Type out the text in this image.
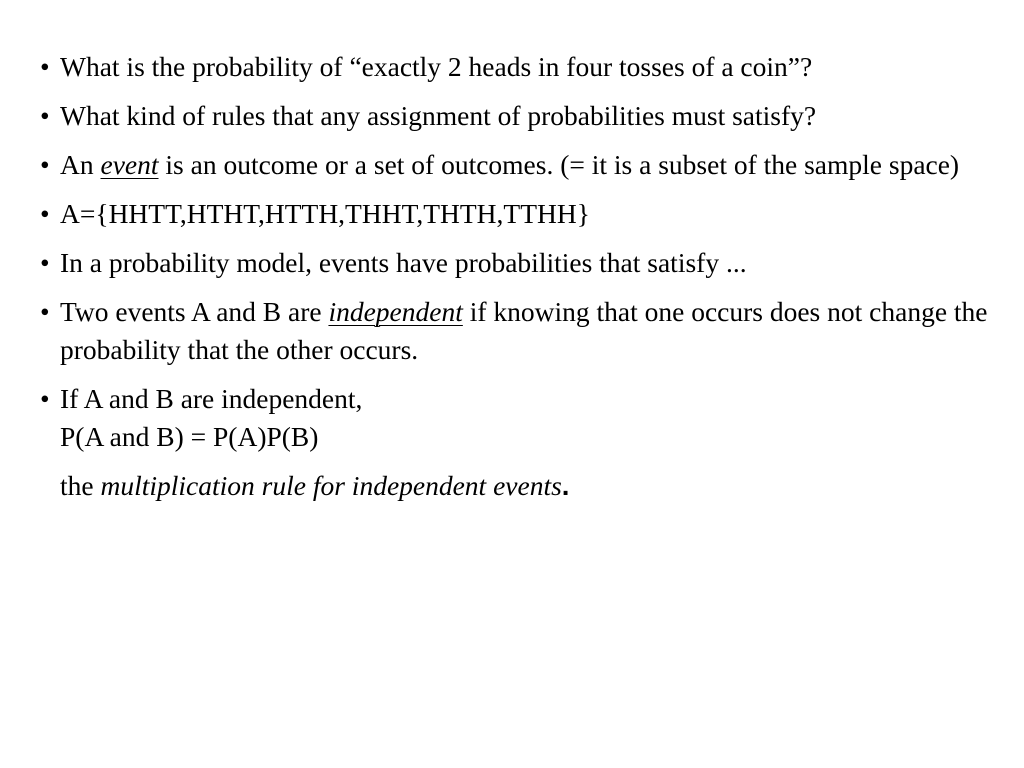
• What is the probability of “exactly 2 heads in four tosses of a coin”?
• What kind of rules that any assignment of probabilities must satisfy?
• An event is an outcome or a set of outcomes. (= it is a subset of the sample space)
• A={HHTT,HTHT,HTTH,THHT,THTH,TTHH}
• In a probability model, events have probabilities that satisfy ...
• Two events A and B are independent if knowing that one occurs does not change the probability that the other occurs.
• If A and B are independent,
P(A and B) = P(A)P(B)
the multiplication rule for independent events.
